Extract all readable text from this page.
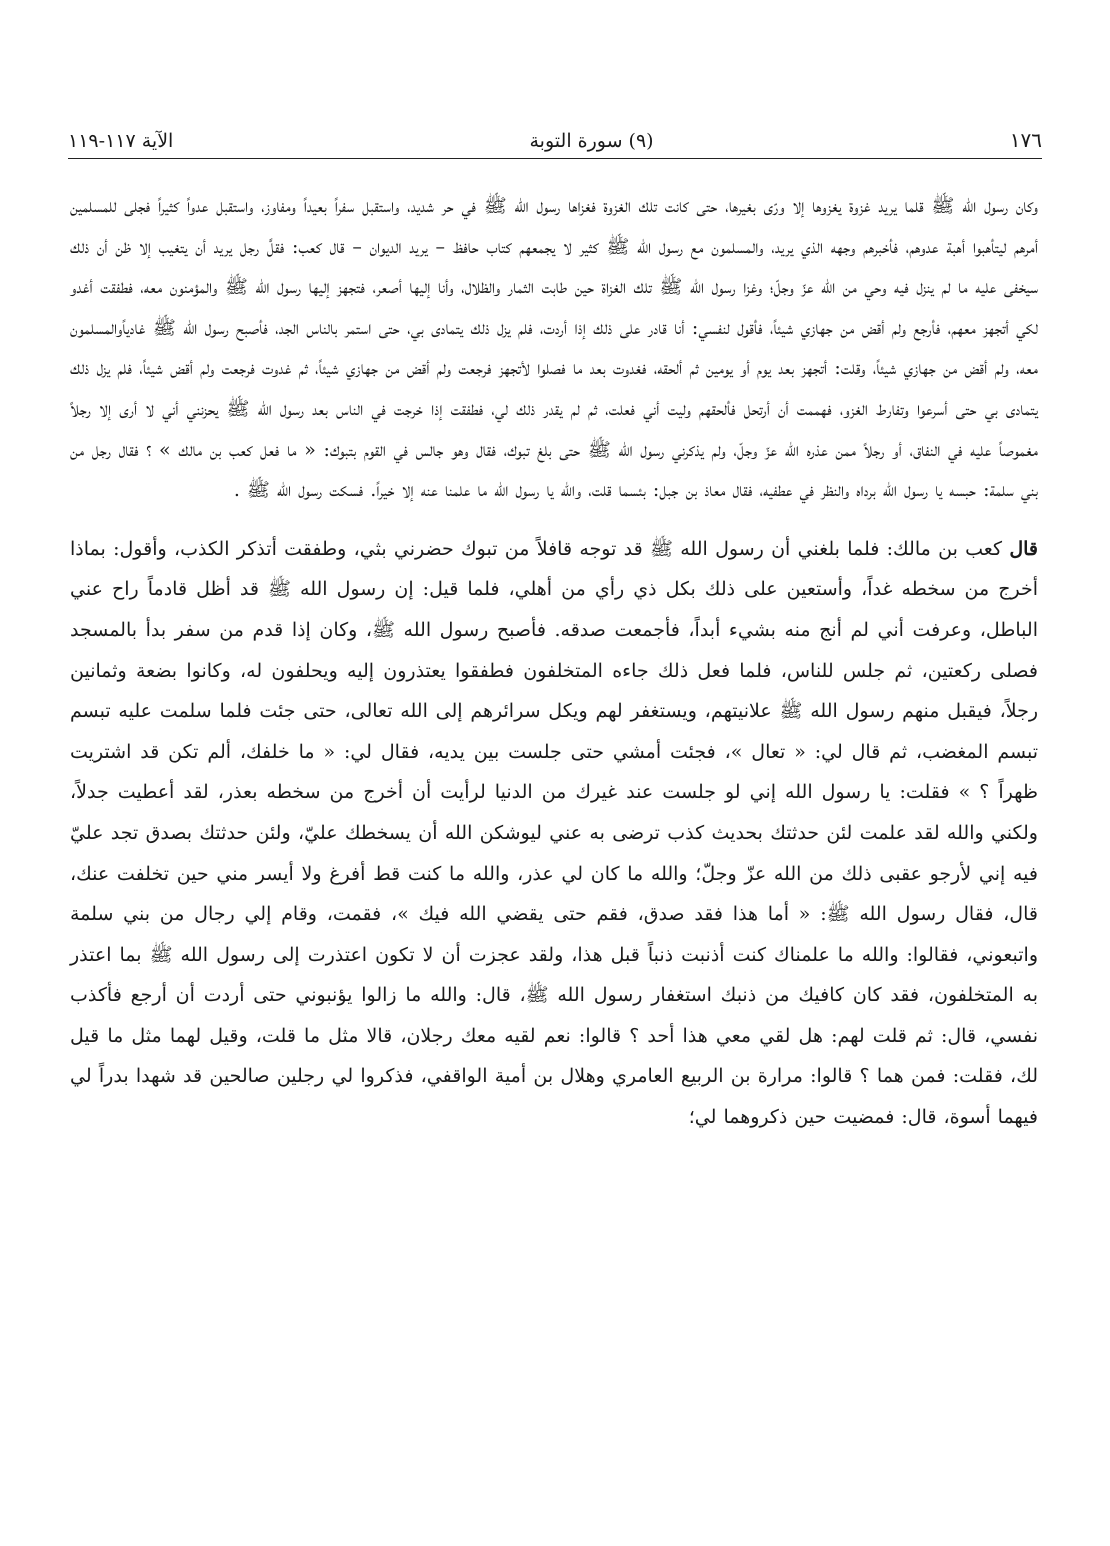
١٧٦
(٩) سورة التوبة
الآية ١١٧-١١٩

وكان رسول الله ﷺ قلما يريد غزوة يغزوها إلا ورّى بغيرها، حتى كانت تلك الغزوة فغزاها رسول الله ﷺ في حر شديد، واستقبل سفراً بعيداً ومفاوز، واستقبل عدواً كثيراً فجلى للمسلمين أمرهم ليتأهبوا أهبة عدوهم، فأخبرهم وجهه الذي يريد، والمسلمون مع رسول الله ﷺ كثير لا يجمعهم كتاب حافظ – يريد الديوان – قال كعب: فقلَّ رجل يريد أن يتغيب إلا ظن أن ذلك سيخفى عليه ما لم ينزل فيه وحي من الله عزّ وجلّ؛ وغزا رسول الله ﷺ تلك الغزاة حين طابت الثمار والظلال، وأنا إليها أصعر، فتجهز إليها رسول الله ﷺ والمؤمنون معه، فطفقت أغدو لكي أتجهز معهم، فأرجع ولم أقض من جهازي شيئاً، فأقول لنفسي: أنا قادر على ذلك إذا أردت، فلم يزل ذلك يتمادى بي، حتى استمر بالناس الجد، فأصبح رسول الله ﷺ غادياًوالمسلمون معه، ولم أقض من جهازي شيئاً، وقلت: أتجهز بعد يوم أو يومين ثم ألحقه، فغدوت بعد ما فصلوا لأتجهز فرجعت ولم أقض من جهازي شيئاً، ثم غدوت فرجعت ولم أقض شيئاً، فلم يزل ذلك يتمادى بي حتى أسرعوا وتفارط الغزو، فهممت أن أرتحل فألحقهم وليت أني فعلت، ثم لم يقدر ذلك لي، فطفقت إذا خرجت في الناس بعد رسول الله ﷺ يحزنني أني لا أرى إلا رجلاً مغموصاً عليه في النفاق، أو رجلاً ممن عذره الله عزّ وجلّ، ولم يذكرني رسول الله ﷺ حتى بلغ تبوك، فقال وهو جالس في القوم بتبوك: « ما فعل كعب بن مالك » ؟ فقال رجل من بني سلمة: حبسه يا رسول الله برداه والنظر في عطفيه، فقال معاذ بن جبل: بئسما قلت، والله يا رسول الله ما علمنا عنه إلا خيراً. فسكت رسول الله ﷺ .

قال كعب بن مالك: فلما بلغني أن رسول الله ﷺ قد توجه قافلاً من تبوك حضرني بثي، وطفقت أتذكر الكذب، وأقول: بماذا أخرج من سخطه غداً، وأستعين على ذلك بكل ذي رأي من أهلي، فلما قيل: إن رسول الله ﷺ قد أظل قادماً راح عني الباطل، وعرفت أني لم أنج منه بشيء أبداً، فأجمعت صدقه. فأصبح رسول الله ﷺ، وكان إذا قدم من سفر بدأ بالمسجد فصلى ركعتين، ثم جلس للناس، فلما فعل ذلك جاءه المتخلفون فطفقوا يعتذرون إليه ويحلفون له، وكانوا بضعة وثمانين رجلاً، فيقبل منهم رسول الله ﷺ علانيتهم، ويستغفر لهم ويكل سرائرهم إلى الله تعالى، حتى جئت فلما سلمت عليه تبسم تبسم المغضب، ثم قال لي: « تعال »، فجئت أمشي حتى جلست بين يديه، فقال لي: « ما خلفك، ألم تكن قد اشتريت ظهراً ؟ » فقلت: يا رسول الله إني لو جلست عند غيرك من الدنيا لرأيت أن أخرج من سخطه بعذر، لقد أعطيت جدلاً، ولكني والله لقد علمت لئن حدثتك بحديث كذب ترضى به عني ليوشكن الله أن يسخطك عليّ، ولئن حدثتك بصدق تجد عليّ فيه إني لأرجو عقبى ذلك من الله عزّ وجلّ؛ والله ما كان لي عذر، والله ما كنت قط أفرغ ولا أيسر مني حين تخلفت عنك، قال، فقال رسول الله ﷺ: « أما هذا فقد صدق، فقم حتى يقضي الله فيك »، فقمت، وقام إلي رجال من بني سلمة واتبعوني، فقالوا: والله ما علمناك كنت أذنبت ذنباً قبل هذا، ولقد عجزت أن لا تكون اعتذرت إلى رسول الله ﷺ بما اعتذر به المتخلفون، فقد كان كافيك من ذنبك استغفار رسول الله ﷺ، قال: والله ما زالوا يؤنبوني حتى أردت أن أرجع فأكذب نفسي، قال: ثم قلت لهم: هل لقي معي هذا أحد ؟ قالوا: نعم لقيه معك رجلان، قالا مثل ما قلت، وقيل لهما مثل ما قيل لك، فقلت: فمن هما ؟ قالوا: مرارة بن الربيع العامري وهلال بن أمية الواقفي، فذكروا لي رجلين صالحين قد شهدا بدراً لي فيهما أسوة، قال: فمضيت حين ذكروهما لي؛
